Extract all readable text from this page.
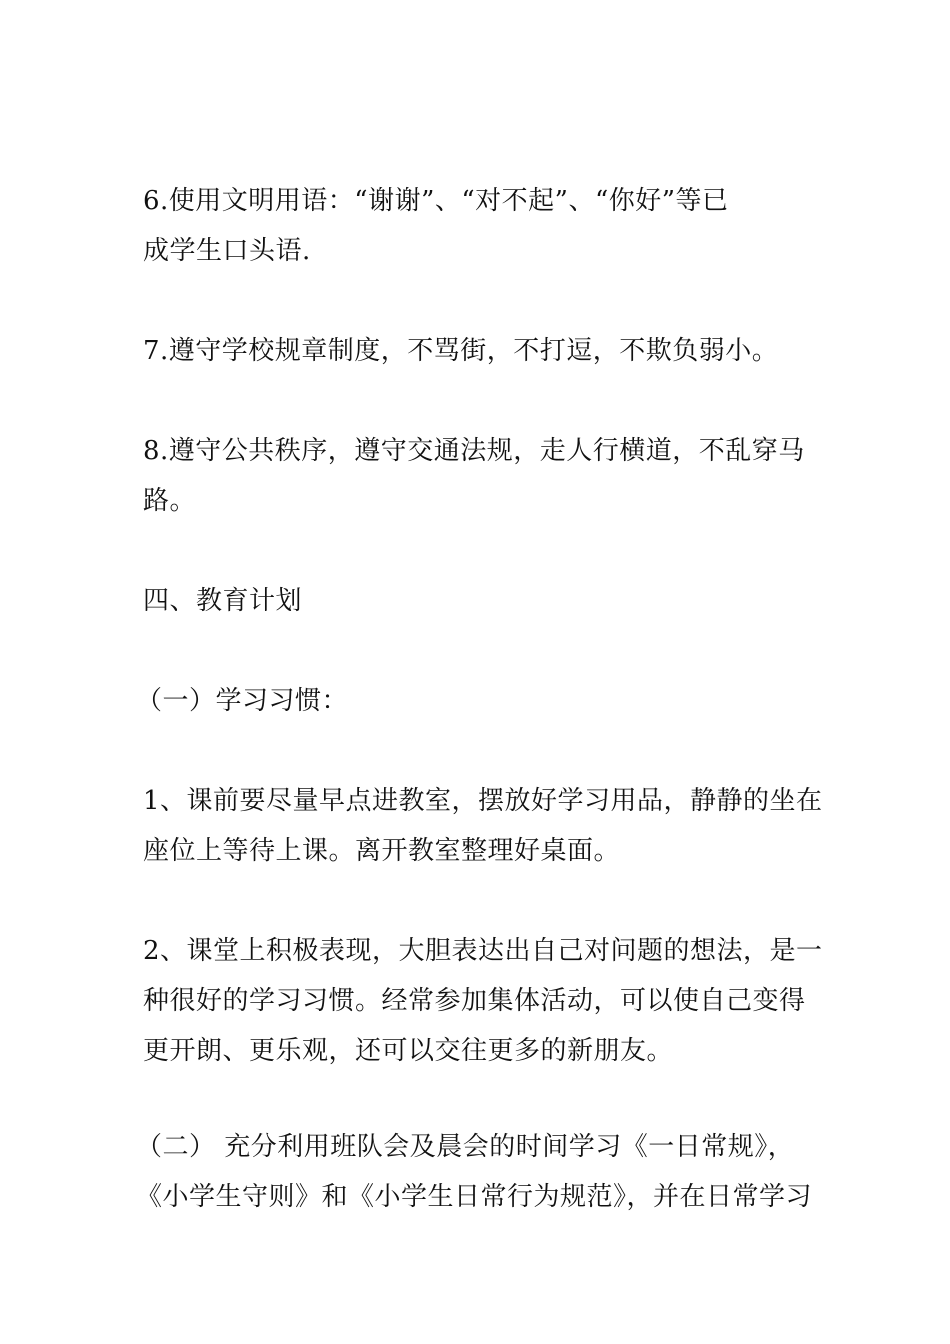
6.使用文明用语：“谢谢”、“对不起”、“你好”等已
成学生口头语.

7.遵守学校规章制度，不骂街，不打逗，不欺负弱小。

8.遵守公共秩序，遵守交通法规，走人行横道，不乱穿马
路。

四、教育计划

（一）学习习惯：

1、课前要尽量早点进教室，摆放好学习用品，静静的坐在
座位上等待上课。离开教室整理好桌面。

2、课堂上积极表现，大胆表达出自己对问题的想法，是一
种很好的学习习惯。经常参加集体活动，可以使自己变得
更开朗、更乐观，还可以交往更多的新朋友。

（二） 充分利用班队会及晨会的时间学习《一日常规》，
《小学生守则》和《小学生日常行为规范》，并在日常学习
